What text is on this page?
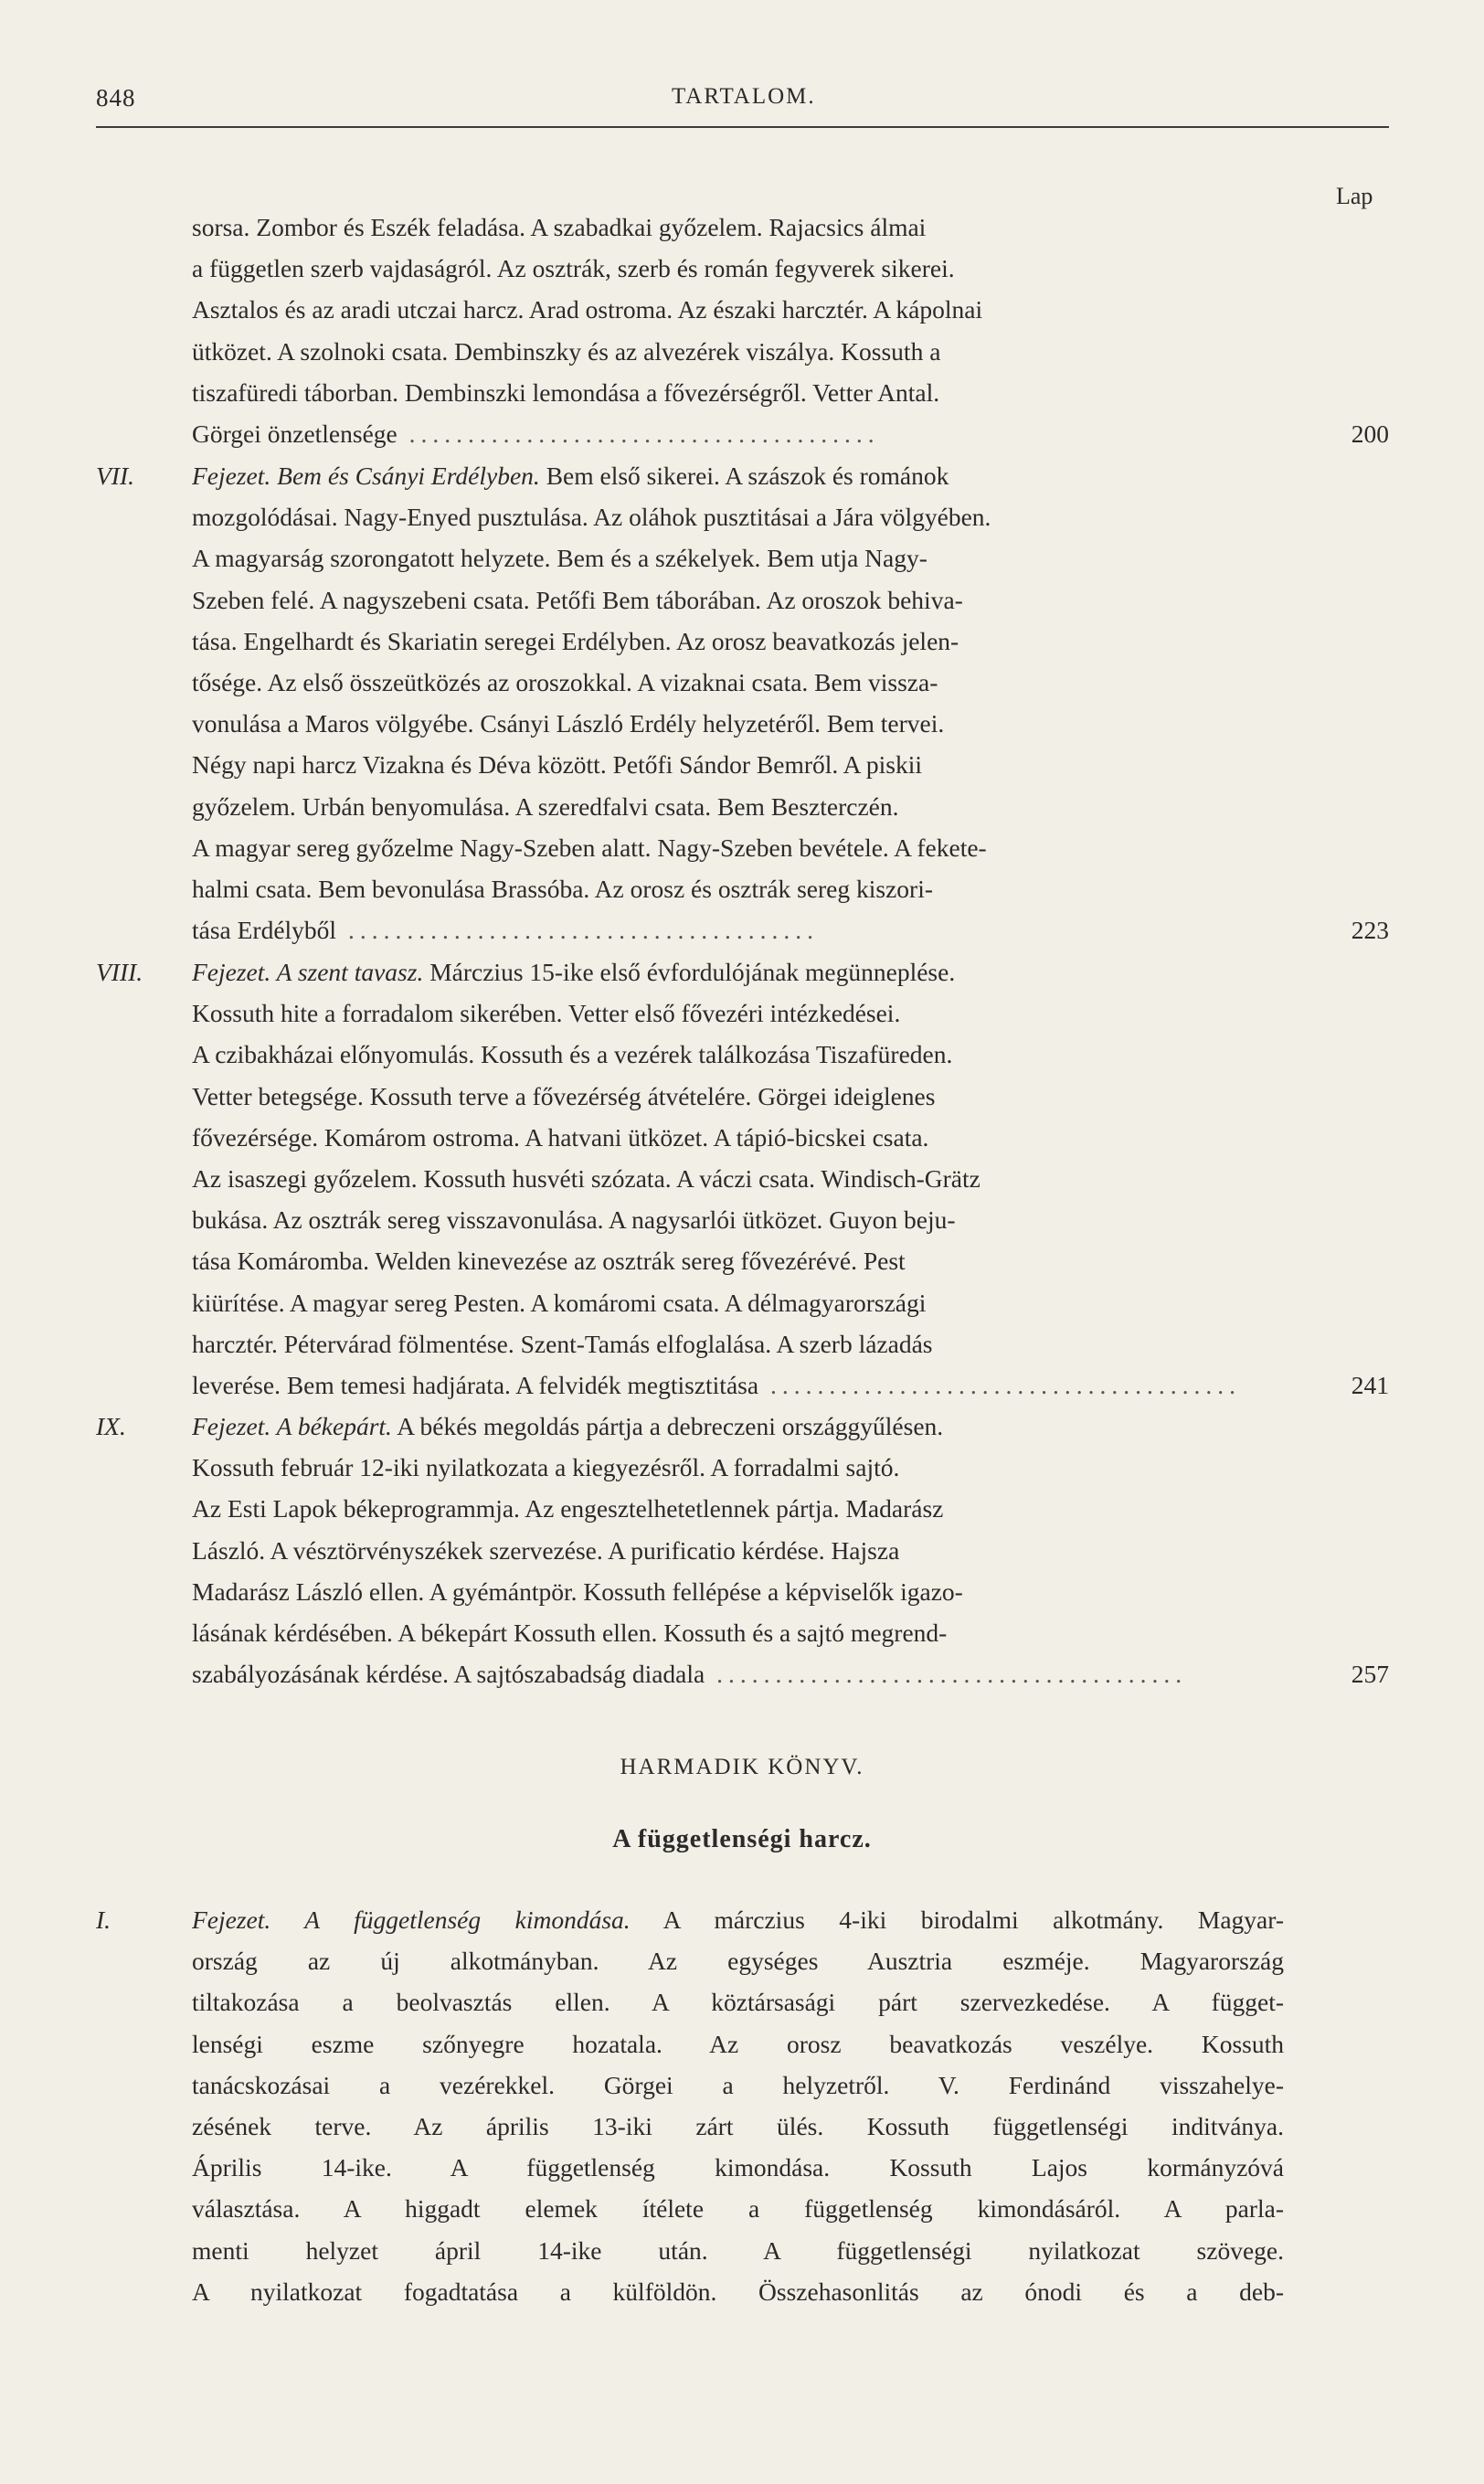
848	TARTALOM.
Lap
sorsa. Zombor és Eszék feladása. A szabadkai győzelem. Rajacsics álmai
a független szerb vajdaságról. Az osztrák, szerb és román fegyverek sikerei.
Asztalos és az aradi utczai harcz. Arad ostroma. Az északi harcztér. A kápolnai
ütközet. A szolnoki csata. Dembinszky és az alvezérek viszálya. Kossuth a
tiszafüredi táborban. Dembinszki lemondása a fővezérségről. Vetter Antal.
Görgei önzetlensége ........................................	200
VII. Fejezet. Bem és Csányi Erdélyben. Bem első sikerei. A szászok és románok
mozgolódásai. Nagy-Enyed pusztulása. Az oláhok pusztitásai a Jára völgyében.
A magyarság szorongatott helyzete. Bem és a székelyek. Bem utja Nagy-
Szeben felé. A nagyszebeni csata. Petőfi Bem táborában. Az oroszok behiva-
tása. Engelhardt és Skariatin seregei Erdélyben. Az orosz beavatkozás jelen-
tősége. Az első összeütközés az oroszokkal. A vizaknai csata. Bem vissza-
vonulása a Maros völgyébe. Csányi László Erdély helyzetéről. Bem tervei.
Négy napi harcz Vizakna és Déva között. Petőfi Sándor Bemről. A piskii
győzelem. Urbán benyomulása. A szeredfalvi csata. Bem Beszterczén.
A magyar sereg győzelme Nagy-Szeben alatt. Nagy-Szeben bevétele. A fekete-
halmi csata. Bem bevonulása Brassóba. Az orosz és osztrák sereg kiszori-
tása Erdélyből ........................................	223
VIII. Fejezet. A szent tavasz. Márczius 15-ike első évfordulójának megünneplése.
Kossuth hite a forradalom sikerében. Vetter első fővezéri intézkedései.
A czibakházai előnyomulás. Kossuth és a vezérek találkozása Tiszafüreden.
Vetter betegsége. Kossuth terve a fővezérség átvételére. Görgei ideiglenes
fővezérsége. Komárom ostroma. A hatvani ütközet. A tápió-bicskei csata.
Az isaszegi győzelem. Kossuth husvéti szózata. A váczi csata. Windisch-Grätz
bukása. Az osztrák sereg visszavonulása. A nagysarlói ütközet. Guyon beju-
tása Komáromba. Welden kinevezése az osztrák sereg fővezérévé. Pest
kiürítése. A magyar sereg Pesten. A komáromi csata. A délmagyarországi
harcztér. Pétervárad fölmentése. Szent-Tamás elfoglalása. A szerb lázadás
leverése. Bem temesi hadjárata. A felvidék megtisztitása ........................................	241
IX.	Fejezet. A békepárt. A békés megoldás pártja a debreczeni országgyűlésen.
Kossuth február 12-iki nyilatkozata a kiegyezésről. A forradalmi sajtó.
Az Esti Lapok békeprogrammja. Az engesztelhetetlennek pártja. Madarász
László. A vésztörvényszékek szervezése. A purificatio kérdése. Hajsza
Madarász László ellen. A gyémántpör. Kossuth fellépése a képviselők igazo-
lásának kérdésében. A békepárt Kossuth ellen. Kossuth és a sajtó megrend-
szabályozásának kérdése. A sajtószabadság diadala ........................................	257
HARMADIK KÖNYV.
A függetlenségi harcz.
I.	Fejezet. A függetlenség kimondása. A márczius 4-iki birodalmi alkotmány. Magyar-
ország az új alkotmányban. Az egységes Ausztria eszméje. Magyarország
tiltakozása a beolvasztás ellen. A köztársasági párt szervezkedése. A függet-
lenségi eszme szőnyegre hozatala. Az orosz beavatkozás veszélye. Kossuth
tanácskozásai a vezérekkel. Görgei a helyzetről. V. Ferdinánd visszahelye-
zésének terve. Az április 13-iki zárt ülés. Kossuth függetlenségi inditványa.
Április 14-ike. A függetlenség kimondása. Kossuth Lajos kormányzóvá
választása. A higgadt elemek ítélete a függetlenség kimondásáról. A parla-
menti helyzet ápril 14-ike után. A függetlenségi nyilatkozat szövege.
A nyilatkozat fogadtatása a külföldön. Összehasonlitás az ónodi és a deb-
